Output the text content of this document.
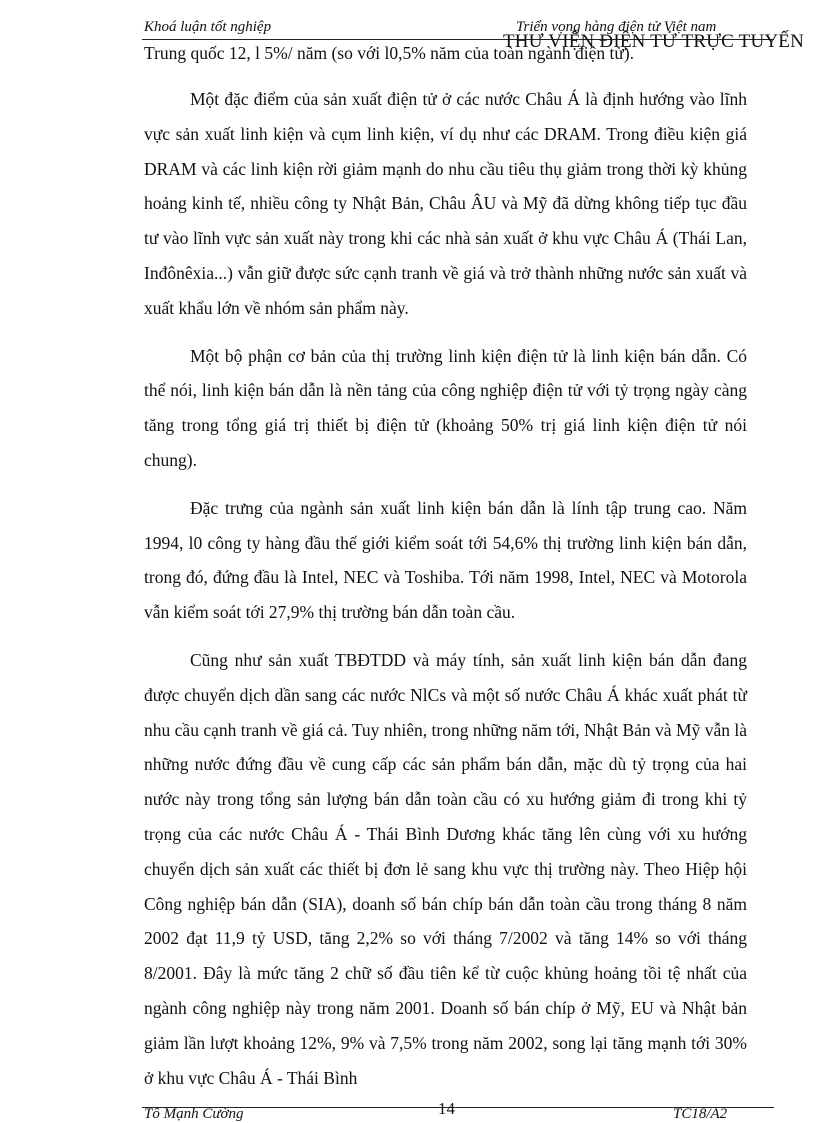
Khoá luận tốt nghiệp	Triển vọng hàng điện tử Việt nam
THƯ VIỆN ĐIỆN TỬ TRỰC TUYẾN
Trung quốc 12, l 5%/ năm (so với l0,5% năm của toàn ngành điện tử).

Một đặc điểm của sản xuất điện tử ở các nước Châu Á là định hướng vào lĩnh vực sản xuất linh kiện và cụm linh kiện, ví dụ như các DRAM. Trong điều kiện giá DRAM và các linh kiện rời giảm mạnh do nhu cầu tiêu thụ giảm trong thời kỳ khủng hoảng kinh tế, nhiều công ty Nhật Bản, Châu ÂU và Mỹ đã dừng không tiếp tục đầu tư vào lĩnh vực sản xuất này trong khi các nhà sản xuất ở khu vực Châu Á (Thái Lan, Inđônêxia...) vẫn giữ được sức cạnh tranh về giá và trở thành những nước sản xuất và xuất khẩu lớn về nhóm sản phẩm này.

Một bộ phận cơ bản của thị trường linh kiện điện tử là linh kiện bán dẫn. Có thể nói, linh kiện bán dẫn là nền tảng của công nghiệp điện tử với tỷ trọng ngày càng tăng trong tổng giá trị thiết bị điện tử (khoảng 50% trị giá linh kiện điện tử nói chung).

Đặc trưng của ngành sản xuất linh kiện bán dẫn là lính tập trung cao. Năm 1994, l0 công ty hàng đầu thế giới kiểm soát tới 54,6% thị trường linh kiện bán dẫn, trong đó, đứng đầu là Intel, NEC và Toshiba. Tới năm 1998, Intel, NEC và Motorola vẫn kiểm soát tới 27,9% thị trường bán dẫn toàn cầu.

Cũng như sản xuất TBĐTDD và máy tính, sản xuất linh kiện bán dẫn đang được chuyển dịch dần sang các nước NlCs và một số nước Châu Á khác xuất phát từ nhu cầu cạnh tranh về giá cả. Tuy nhiên, trong những năm tới, Nhật Bản và Mỹ vẫn là những nước đứng đầu về cung cấp các sản phẩm bán dẫn, mặc dù tỷ trọng của hai nước này trong tổng sản lượng bán dẫn toàn cầu có xu hướng giảm đi trong khi tỷ trọng của các nước Châu Á - Thái Bình Dương khác tăng lên cùng với xu hướng chuyển dịch sản xuất các thiết bị đơn lẻ sang khu vực thị trường này. Theo Hiệp hội Công nghiệp bán dẫn (SIA), doanh số bán chíp bán dẫn toàn cầu trong tháng 8 năm 2002 đạt 11,9 tỷ USD, tăng 2,2% so với tháng 7/2002 và tăng 14% so với tháng 8/2001. Đây là mức tăng 2 chữ số đầu tiên kể từ cuộc khủng hoảng tồi tệ nhất của ngành công nghiệp này trong năm 2001. Doanh số bán chíp ở Mỹ, EU và Nhật bản giảm lần lượt khoảng 12%, 9% và 7,5% trong năm 2002, song lại tăng mạnh tới 30% ở khu vực Châu Á - Thái Bình

Tô Mạnh Cường	14	TC18/A2
